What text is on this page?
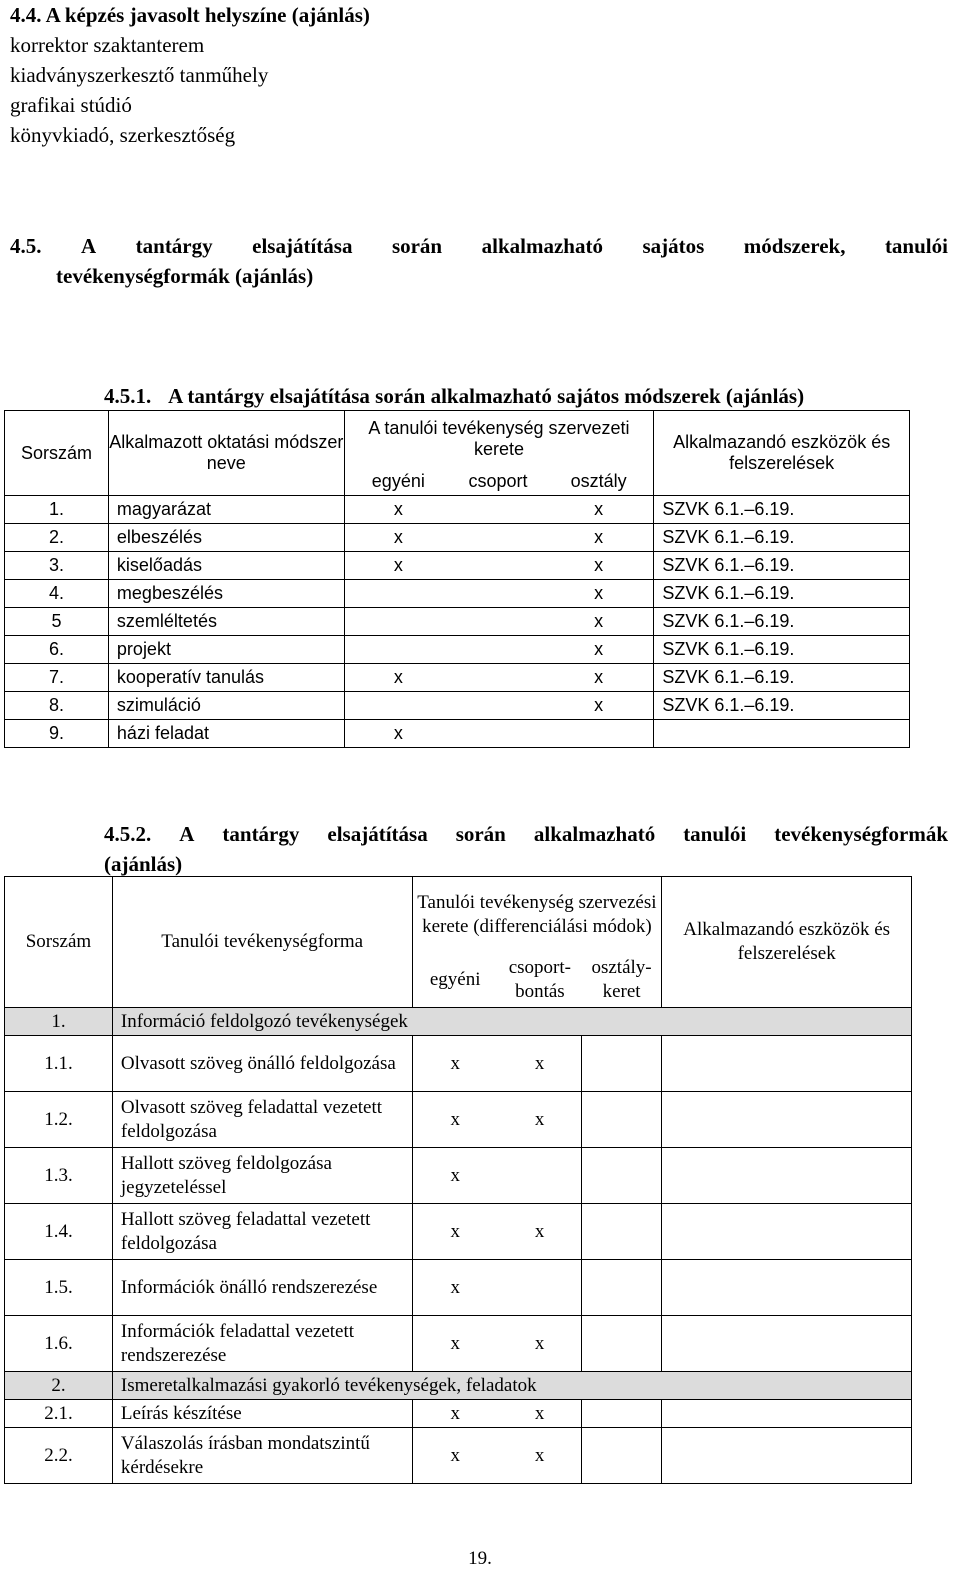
4.4. A képzés javasolt helyszíne (ajánlás)
korrektor szaktanterem
kiadványszerkesztő tanműhely
grafikai stúdió
könyvkiadó, szerkesztőség
4.5. A tantárgy elsajátítása során alkalmazható sajátos módszerek, tanulói
tevékenységformák (ajánlás)
4.5.1. A tantárgy elsajátítása során alkalmazható sajátos módszerek (ajánlás)
Sorszám	Alkalmazott oktatási módszer neve	A tanulói tevékenység szervezeti kerete			Alkalmazandó eszközök és felszerelések
		egyéni	csoport	osztály	
1.	magyarázat	x		x	SZVK 6.1.–6.19.
2.	elbeszélés	x		x	SZVK 6.1.–6.19.
3.	kiselőadás	x		x	SZVK 6.1.–6.19.
4.	megbeszélés			x	SZVK 6.1.–6.19.
5	szemléltetés			x	SZVK 6.1.–6.19.
6.	projekt			x	SZVK 6.1.–6.19.
7.	kooperatív tanulás	x		x	SZVK 6.1.–6.19.
8.	szimuláció			x	SZVK 6.1.–6.19.
9.	házi feladat	x			
4.5.2. A tantárgy elsajátítása során alkalmazható tanulói tevékenységformák
(ajánlás)
Sorszám	Tanulói tevékenységforma	Tanulói tevékenység szervezési kerete (differenciálási módok)			Alkalmazandó eszközök és felszerelések
		egyéni	csoport-bontás	osztály-keret	
1.	Információ feldolgozó tevékenységek				
1.1.	Olvasott szöveg önálló feldolgozása	x	x		
1.2.	Olvasott szöveg feladattal vezetett feldolgozása	x	x		
1.3.	Hallott szöveg feldolgozása jegyzeteléssel	x			
1.4.	Hallott szöveg feladattal vezetett feldolgozása	x	x		
1.5.	Információk önálló rendszerezése	x			
1.6.	Információk feladattal vezetett rendszerezése	x	x		
2.	Ismeretalkalmazási gyakorló tevékenységek, feladatok				
2.1.	Leírás készítése	x	x		
2.2.	Válaszolás írásban mondatszintű kérdésekre	x	x		
19.
